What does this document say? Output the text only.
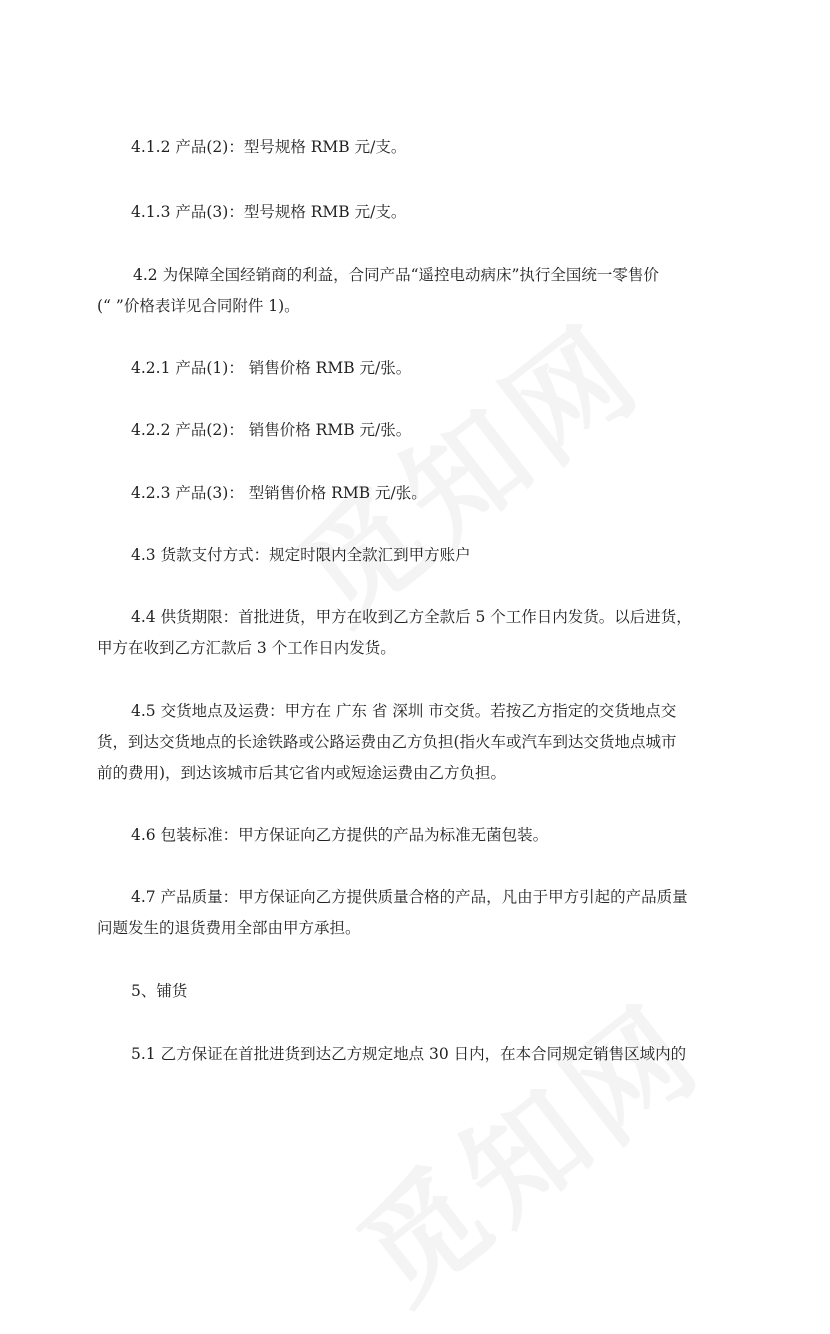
4.1.2 产品(2)：型号规格 RMB 元/支。
4.1.3 产品(3)：型号规格 RMB 元/支。
4.2 为保障全国经销商的利益，合同产品“遥控电动病床”执行全国统一零售价
(“ ”价格表详见合同附件 1)。
4.2.1 产品(1)： 销售价格 RMB 元/张。
4.2.2 产品(2)： 销售价格 RMB 元/张。
4.2.3 产品(3)： 型销售价格 RMB 元/张。
4.3 货款支付方式：规定时限内全款汇到甲方账户
4.4 供货期限：首批进货，甲方在收到乙方全款后 5 个工作日内发货。以后进货，
甲方在收到乙方汇款后 3 个工作日内发货。
4.5 交货地点及运费：甲方在 广东 省 深圳 市交货。若按乙方指定的交货地点交
货，到达交货地点的长途铁路或公路运费由乙方负担(指火车或汽车到达交货地点城市
前的费用)，到达该城市后其它省内或短途运费由乙方负担。
4.6 包装标准：甲方保证向乙方提供的产品为标准无菌包装。
4.7 产品质量：甲方保证向乙方提供质量合格的产品，凡由于甲方引起的产品质量
问题发生的退货费用全部由甲方承担。
5、铺货
5.1 乙方保证在首批进货到达乙方规定地点 30 日内，在本合同规定销售区域内的
